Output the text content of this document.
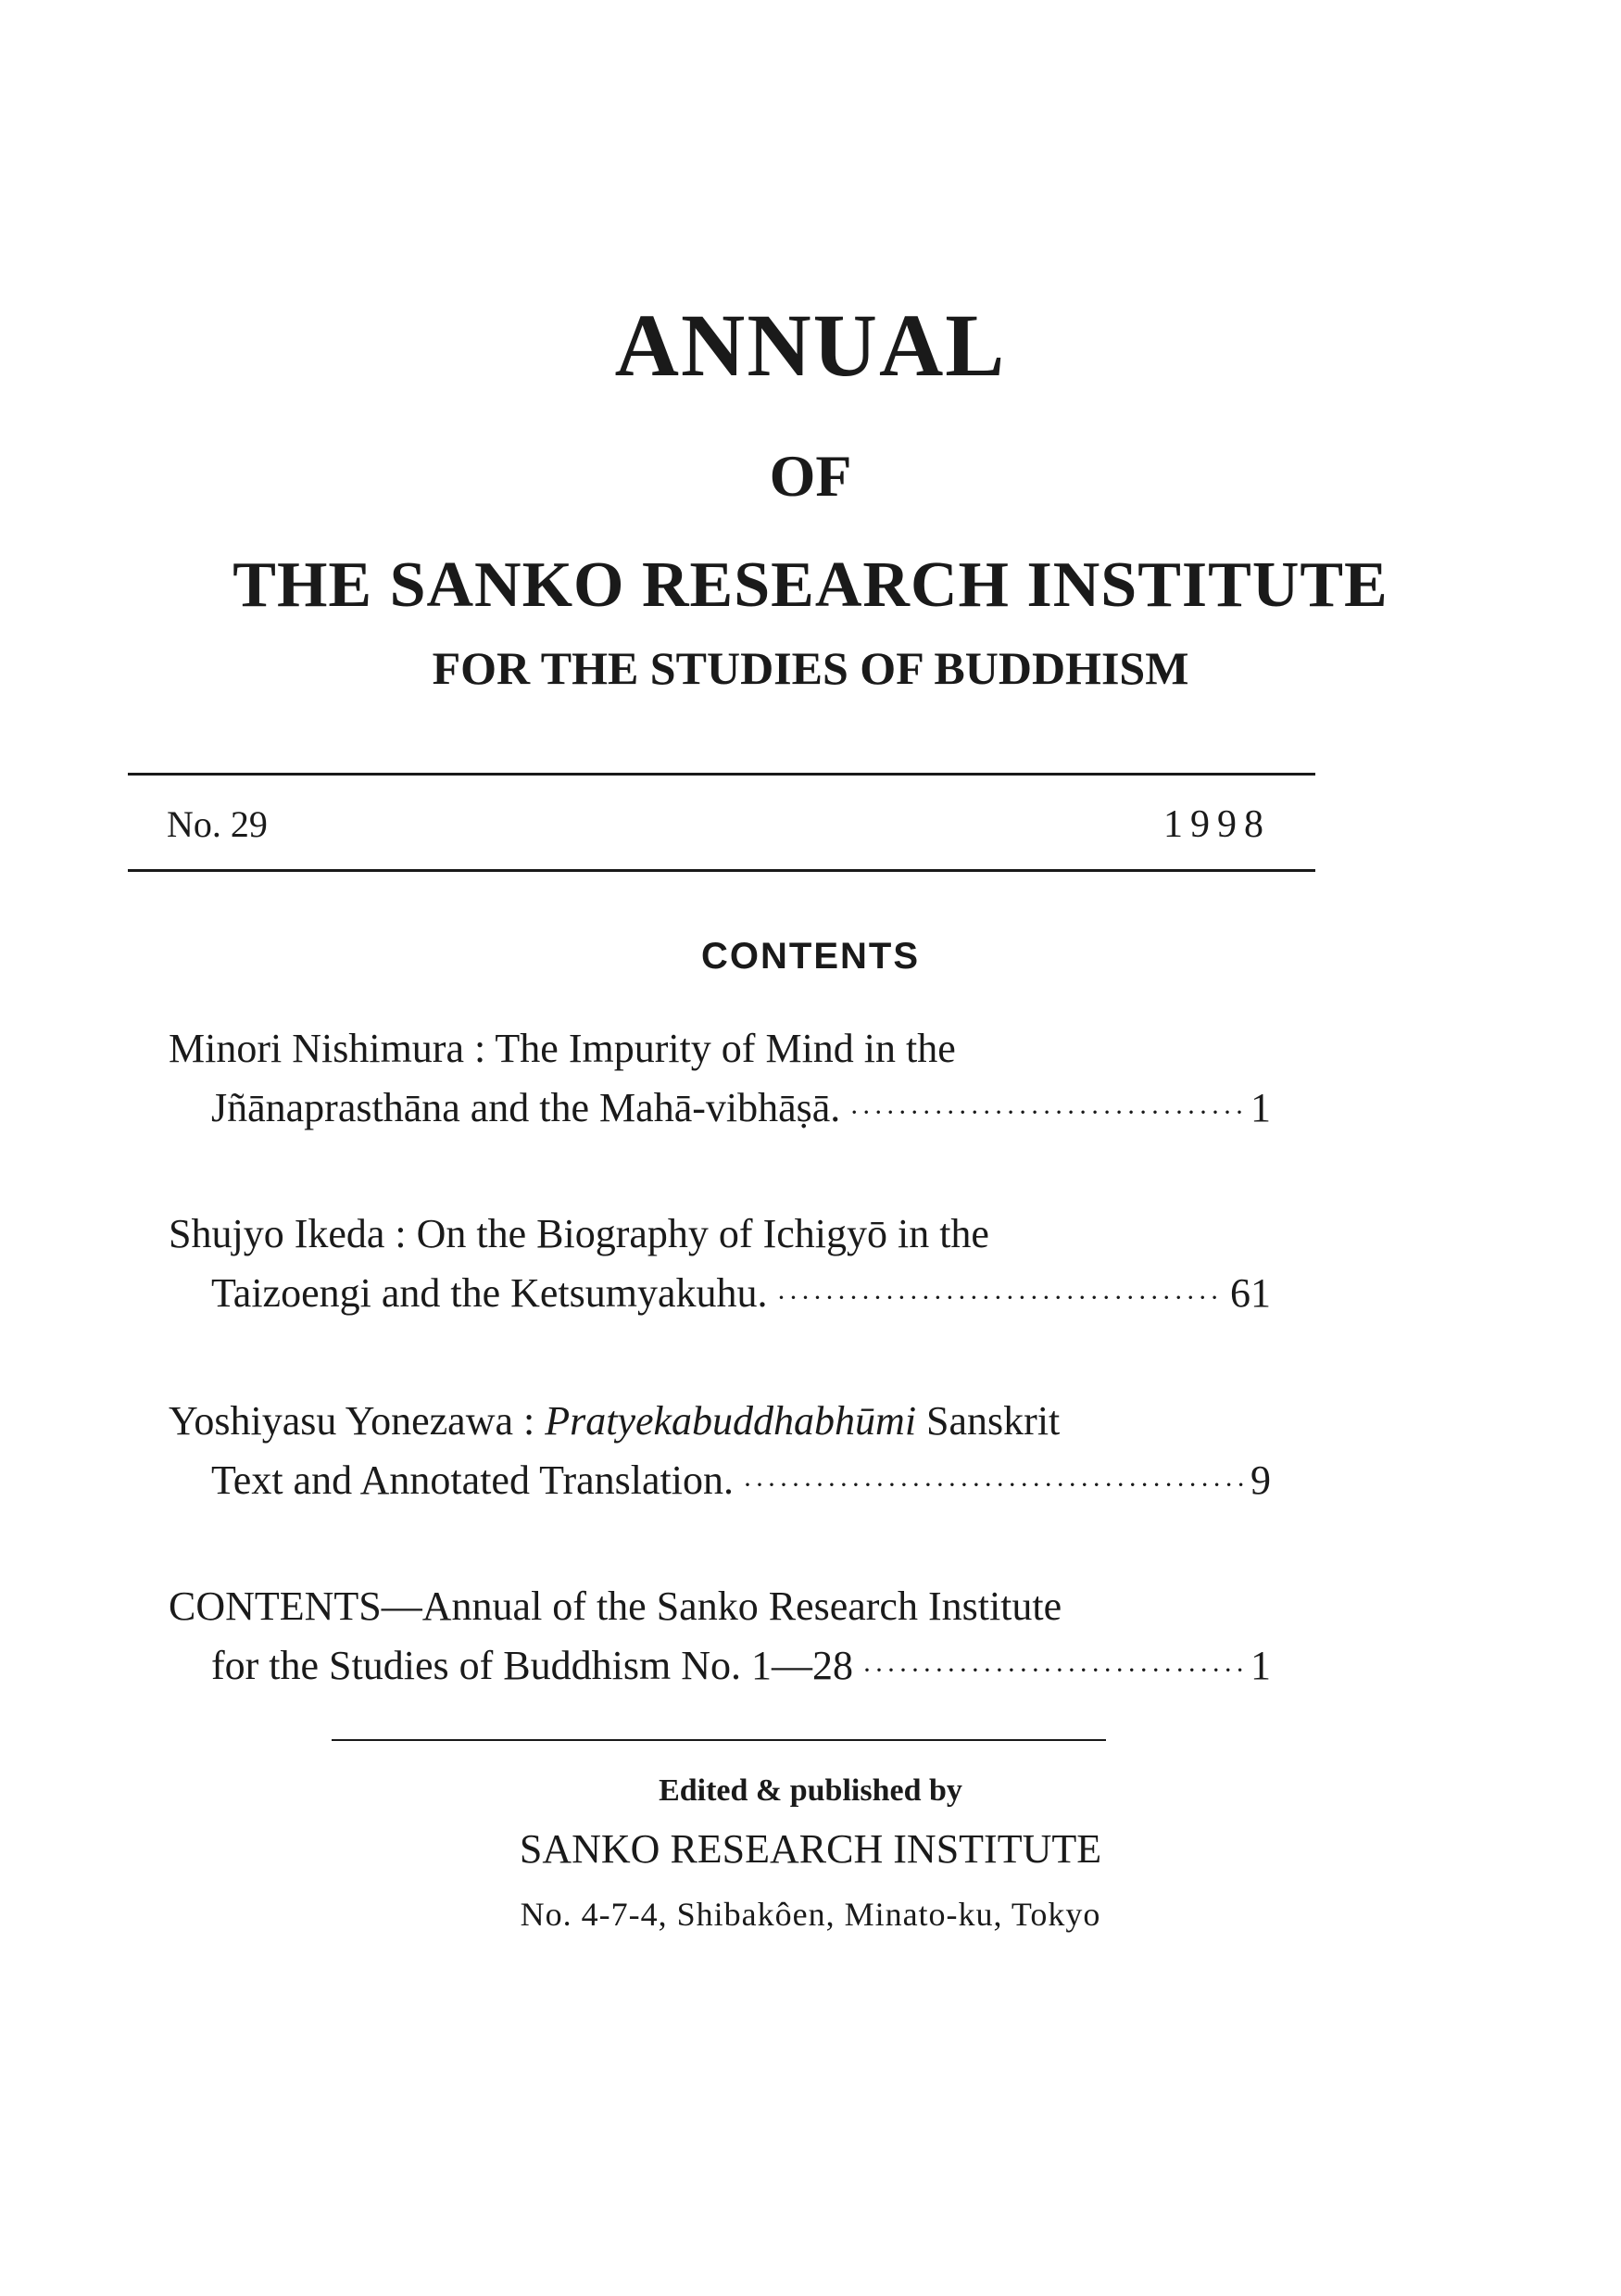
ANNUAL
OF
THE SANKO RESEARCH INSTITUTE
FOR THE STUDIES OF BUDDHISM
No. 29	1998
CONTENTS
Minori Nishimura : The Impurity of Mind in the
Jñānaprasthāna and the Mahā-vibhāṣā. ·····	1
Shujyo Ikeda : On the Biography of Ichigyō in the
Taizoengi and the Ketsumyakuhu. ·····	61
Yoshiyasu Yonezawa : Pratyekabuddhabhūmi Sanskrit
Text and Annotated Translation. ·····	9
CONTENTS—Annual of the Sanko Research Institute
for the Studies of Buddhism No. 1—28 ·····	1
Edited & published by
SANKO RESEARCH INSTITUTE
No. 4-7-4, Shibakôen, Minato-ku, Tokyo
